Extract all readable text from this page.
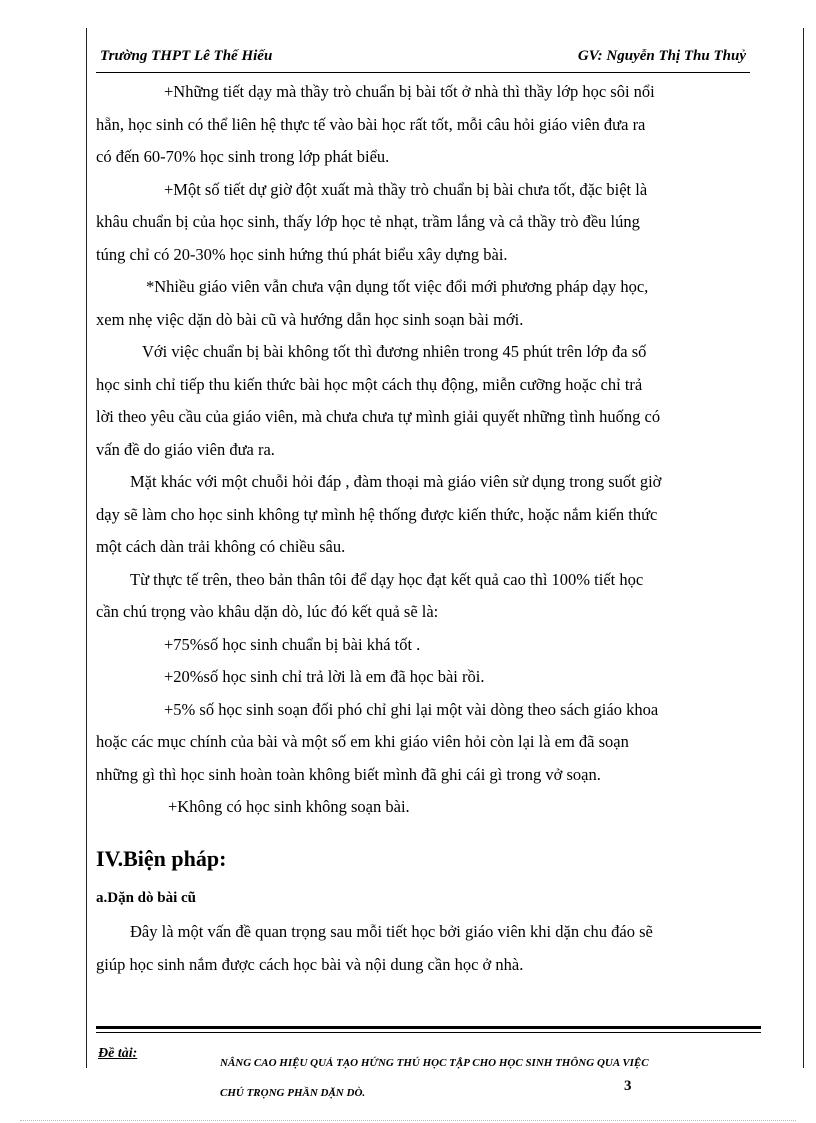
Trường THPT Lê Thế Hiếu	GV: Nguyễn Thị Thu Thuỷ

+Những tiết dạy mà thầy trò chuẩn bị bài tốt ở nhà thì thầy lớp học sôi nổi
hẵn, học sinh có thể liên hệ thực tế vào bài học rất tốt, mỗi câu hỏi giáo viên đưa ra
có đến 60-70% học sinh trong lớp phát biểu.

+Một số tiết dự giờ đột xuất mà thầy trò chuẩn bị bài chưa tốt, đặc biệt là
khâu chuẩn bị của học sinh, thấy lớp học tẻ nhạt, trầm lắng và cả thầy trò đều lúng
túng chỉ có 20-30% học sinh hứng thú phát biểu xây dựng bài.

*Nhiều giáo viên vẫn chưa vận dụng tốt việc đổi mới phương pháp dạy học,
xem nhẹ việc dặn dò bài cũ và hướng dẫn học sinh soạn bài mới.

Với việc chuẩn bị bài không tốt thì đương nhiên trong 45 phút trên lớp đa số
học sinh chỉ tiếp thu kiến thức bài học một cách thụ động, miễn cưỡng hoặc chỉ trả
lời theo yêu cầu của giáo viên, mà chưa chưa tự mình giải quyết những tình huống có
vấn đề do giáo viên đưa ra.

Mặt khác với một chuỗi hỏi đáp , đàm thoại mà giáo viên sử dụng trong suốt giờ
dạy sẽ làm cho học sinh không tự mình hệ thống được kiến thức, hoặc nắm kiến thức
một cách dàn trải không có chiều sâu.

Từ thực tế trên, theo bản thân tôi để dạy học đạt kết quả cao thì 100% tiết học
cần chú trọng vào khâu dặn dò, lúc đó kết quả sẽ là:

+75%số học sinh chuẩn bị bài khá tốt .

+20%số học sinh chỉ trả lời là em đã học bài rồi.

+5% số học sinh soạn đối phó chỉ ghi lại một vài dòng theo sách giáo khoa
hoặc các mục chính của bài và một số em khi giáo viên hỏi còn lại là em đã soạn
những gì thì học sinh hoàn toàn không biết mình đã ghi cái gì trong vở soạn.

+Không có học sinh không soạn bài.

IV.Biện pháp:
a.Dặn dò bài cũ

Đây là một vấn đề quan trọng sau mỗi tiết học bởi giáo viên khi dặn chu đáo sẽ
giúp học sinh nắm được cách học bài và nội dung cần học ở nhà.

Đề tài:
NÂNG CAO HIỆU QUẢ TẠO HỨNG THÚ HỌC TẬP CHO HỌC SINH THÔNG QUA VIỆC
CHÚ TRỌNG PHẦN DẶN DÒ.	3
